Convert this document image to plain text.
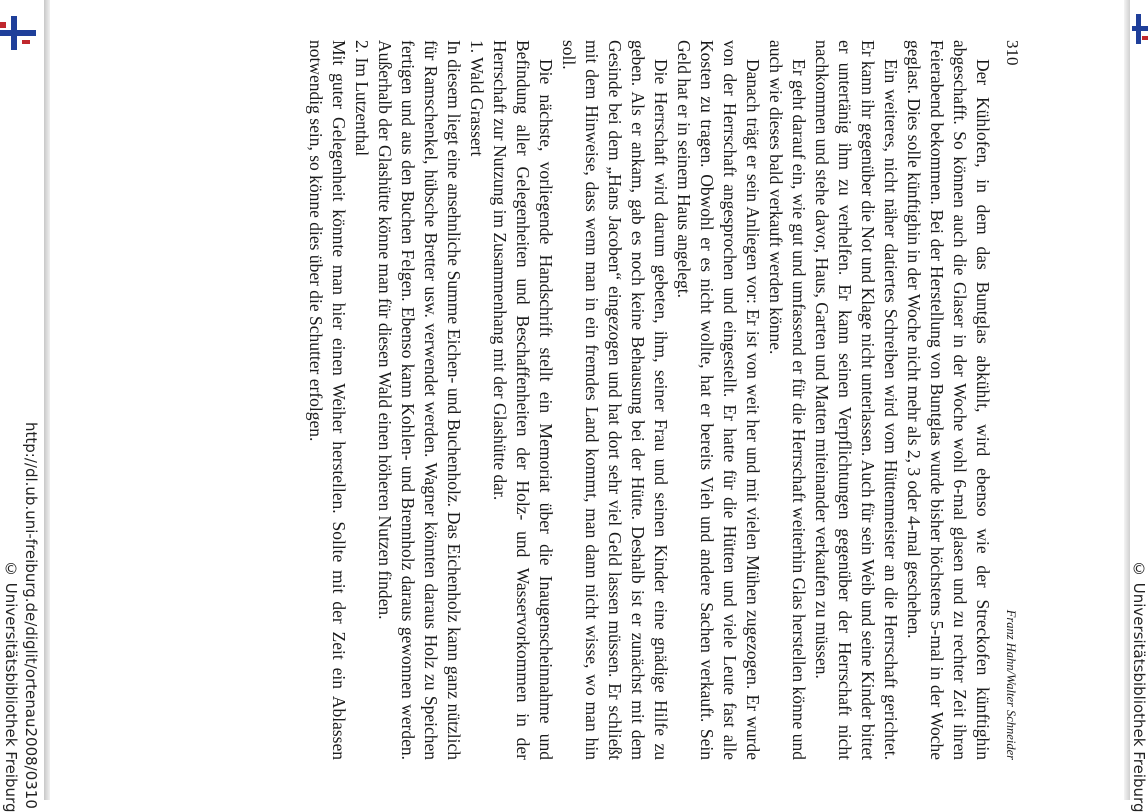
http://dl.ub.uni-freiburg.de/diglit/ortenau2008/0310
© Universitätsbibliothek Freiburg	© Universitätsbibliothek Freiburg
310
Franz Hahn/Walter Schneider

Der Kühlofen, in dem das Buntglas abkühlt, wird ebenso wie der Streckofen künftighin abgeschafft. So können auch die Glaser in der Woche wohl 6-mal glasen und zu rechter Zeit ihren Feierabend bekommen. Bei der Herstellung von Buntglas wurde bisher höchstens 5-mal in der Woche geglast. Dies solle künftighin in der Woche nicht mehr als 2, 3 oder 4-mal geschehen.

Ein weiteres, nicht näher datiertes Schreiben wird vom Hüttenmeister an die Herrschaft gerichtet. Er kann ihr gegenüber die Not und Klage nicht unterlassen. Auch für sein Weib und seine Kinder bittet er untertänig ihm zu verhelfen. Er kann seinen Verpflichtungen gegenüber der Herrschaft nicht nachkommen und stehe davor, Haus, Garten und Matten miteinander verkaufen zu müssen.

Er geht darauf ein, wie gut und umfassend er für die Herrschaft weiterhin Glas herstellen könne und auch wie dieses bald verkauft werden könne.

Danach trägt er sein Anliegen vor: Er ist von weit her und mit vielen Mühen zugezogen. Er wurde von der Herrschaft angesprochen und eingestellt. Er hatte für die Hütten und viele Leute fast alle Kosten zu tragen. Obwohl er es nicht wollte, hat er bereits Vieh und andere Sachen verkauft. Sein Geld hat er in seinem Haus angelegt.

Die Herrschaft wird darum gebeten, ihm, seiner Frau und seinen Kinder eine gnädige Hilfe zu geben. Als er ankam, gab es noch keine Behausung bei der Hütte. Deshalb ist er zunächst mit dem Gesinde bei dem „Hans Jacoben“ eingezogen und hat dort sehr viel Geld lassen müssen. Er schließt mit dem Hinweise, dass wenn man in ein fremdes Land kommt, man dann nicht wisse, wo man hin soll.

Die nächste, vorliegende Handschrift stellt ein Memoriat über die Inaugenscheinnahme und Befindung aller Gelegenheiten und Beschaffenheiten der Holz- und Wasservorkommen in der Herrschaft zur Nutzung im Zusammenhang mit der Glashütte dar.

1. Wald Grassert

In diesem liegt eine ansehnliche Summe Eichen- und Buchenholz. Das Eichenholz kann ganz nützlich für Ramschenkel, hübsche Bretter usw. verwendet werden. Wagner könnten daraus Holz zu Speichen fertigen und aus den Buchen Felgen. Ebenso kann Kohlen- und Brennholz daraus gewonnen werden. Außerhalb der Glashütte könne man für diesen Wald einen höheren Nutzen finden.

2. Im Lutzenthal

Mit guter Gelegenheit könnte man hier einen Weiher herstellen. Sollte mit der Zeit ein Ablassen notwendig sein, so könne dies über die Schutter erfolgen.
